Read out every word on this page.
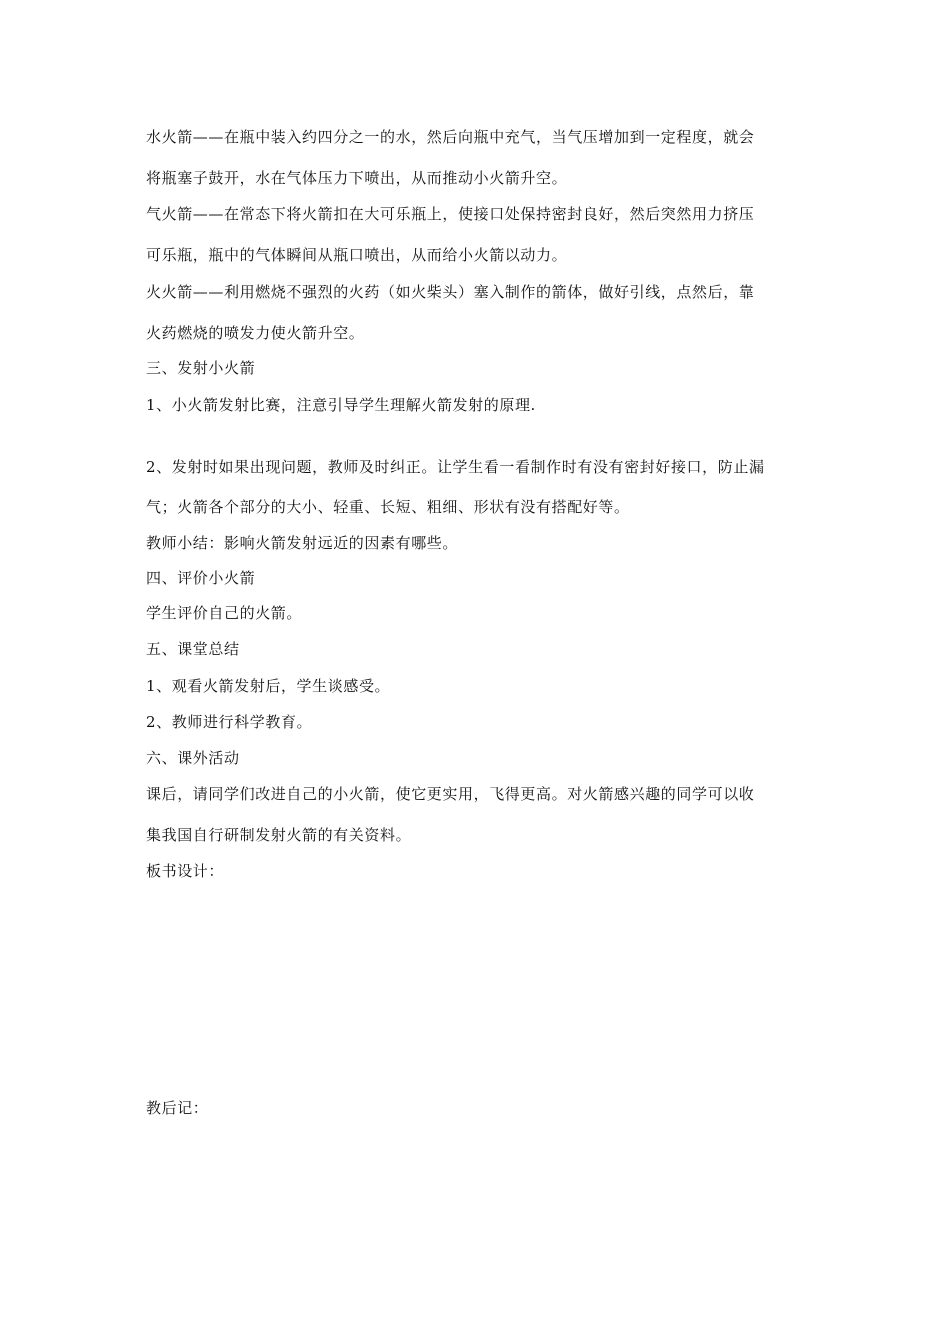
水火箭——在瓶中装入约四分之一的水，然后向瓶中充气，当气压增加到一定程度，就会
将瓶塞子鼓开，水在气体压力下喷出，从而推动小火箭升空。
气火箭——在常态下将火箭扣在大可乐瓶上，使接口处保持密封良好，然后突然用力挤压
可乐瓶，瓶中的气体瞬间从瓶口喷出，从而给小火箭以动力。
火火箭——利用燃烧不强烈的火药（如火柴头）塞入制作的箭体，做好引线，点然后，靠
火药燃烧的喷发力使火箭升空。
三、发射小火箭
1、小火箭发射比赛，注意引导学生理解火箭发射的原理.
2、发射时如果出现问题，教师及时纠正。让学生看一看制作时有没有密封好接口，防止漏
气；火箭各个部分的大小、轻重、长短、粗细、形状有没有搭配好等。
教师小结：影响火箭发射远近的因素有哪些。
四、评价小火箭
学生评价自己的火箭。
五、课堂总结
1、观看火箭发射后，学生谈感受。
2、教师进行科学教育。
六、课外活动
课后，请同学们改进自己的小火箭，使它更实用，飞得更高。对火箭感兴趣的同学可以收
集我国自行研制发射火箭的有关资料。
板书设计：
教后记：
